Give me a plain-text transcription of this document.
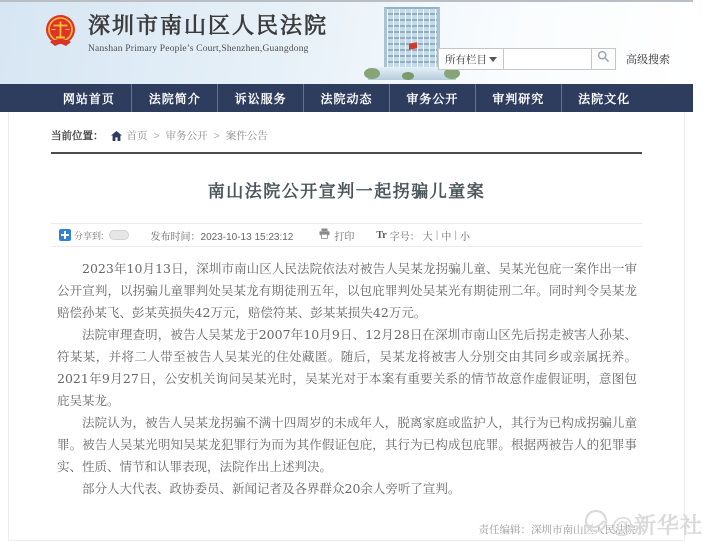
深圳市南山区人民法院
Nanshan Primary People’s Court,Shenzhen,Guangdong
所有栏目	高级搜索
网站首页	法院简介	诉讼服务	法院动态	审务公开	审判研究	法院文化
当前位置： 首页 > 审务公开 > 案件公告
南山法院公开宣判一起拐骗儿童案
分享到:	发布时间：2023-10-13 15:23:12	打印 Tr 字号： 大 | 中 | 小

2023年10月13日，深圳市南山区人民法院依法对被告人吴某龙拐骗儿童、吴某光包庇一案作出一审公开宣判，以拐骗儿童罪判处吴某龙有期徒刑五年，以包庇罪判处吴某光有期徒刑二年。同时判令吴某龙赔偿孙某飞、彭某英损失42万元，赔偿符某、彭某某损失42万元。

法院审理查明，被告人吴某龙于2007年10月9日、12月28日在深圳市南山区先后拐走被害人孙某、符某某，并将二人带至被告人吴某光的住处藏匿。随后，吴某龙将被害人分别交由其同乡或亲属抚养。2021年9月27日，公安机关询问吴某光时，吴某光对于本案有重要关系的情节故意作虚假证明，意图包庇吴某龙。

法院认为，被告人吴某龙拐骗不满十四周岁的未成年人，脱离家庭或监护人，其行为已构成拐骗儿童罪。被告人吴某光明知吴某龙犯罪行为而为其作假证包庇，其行为已构成包庇罪。根据两被告人的犯罪事实、性质、情节和认罪表现，法院作出上述判决。

部分人大代表、政协委员、新闻记者及各界群众20余人旁听了宣判。

责任编辑：深圳市南山区人民法院
@新华社
